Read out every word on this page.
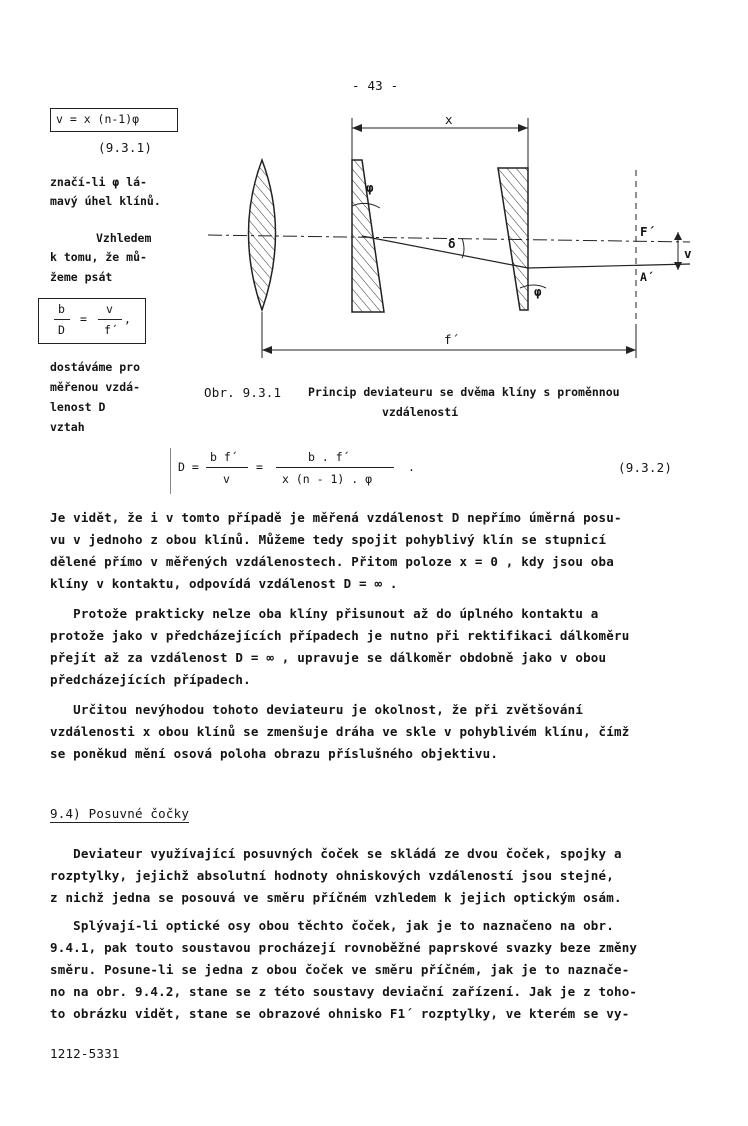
- 43 -
v = x (n-1)φ
(9.3.1)
značí-li φ lá-
mavý úhel klínů.
Vzhledem
k tomu, že mů-
žeme psát
b
D
=
v
f´
,
dostáváme pro
měřenou vzdá-
lenost D
vztah
x
F´
A´
v
δ
φ
φ
f´
Obr. 9.3.1 Princip deviateuru se dvěma klíny s proměnnou
vzdáleností
D =
b f´
v
=
b . f´
x (n - 1) . φ
.	(9.3.2)
Je vidět, že i v tomto případě je měřená vzdálenost D nepřímo úměrná posu-
vu v jednoho z obou klínů. Můžeme tedy spojit pohyblivý klín se stupnicí
dělené přímo v měřených vzdálenostech. Přitom poloze x = 0 , kdy jsou oba
klíny v kontaktu, odpovídá vzdálenost D = ∞ .
Protože prakticky nelze oba klíny přisunout až do úplného kontaktu a
protože jako v předcházejících případech je nutno při rektifikaci dálkoměru
přejít až za vzdálenost D = ∞ , upravuje se dálkoměr obdobně jako v obou
předcházejících případech.
Určitou nevýhodou tohoto deviateuru je okolnost, že při zvětšování
vzdálenosti x obou klínů se zmenšuje dráha ve skle v pohyblivém klínu, čímž
se poněkud mění osová poloha obrazu příslušného objektivu.
9.4) Posuvné čočky
Deviateur využívající posuvných čoček se skládá ze dvou čoček, spojky a
rozptylky, jejichž absolutní hodnoty ohniskových vzdáleností jsou stejné,
z nichž jedna se posouvá ve směru příčném vzhledem k jejich optickým osám.
Splývají-li optické osy obou těchto čoček, jak je to naznačeno na obr.
9.4.1, pak touto soustavou procházejí rovnoběžné paprskové svazky beze změny
směru. Posune-li se jedna z obou čoček ve směru příčném, jak je to naznače-
no na obr. 9.4.2, stane se z této soustavy deviační zařízení. Jak je z toho-
to obrázku vidět, stane se obrazové ohnisko F1´ rozptylky, ve kterém se vy-
1212-5331
